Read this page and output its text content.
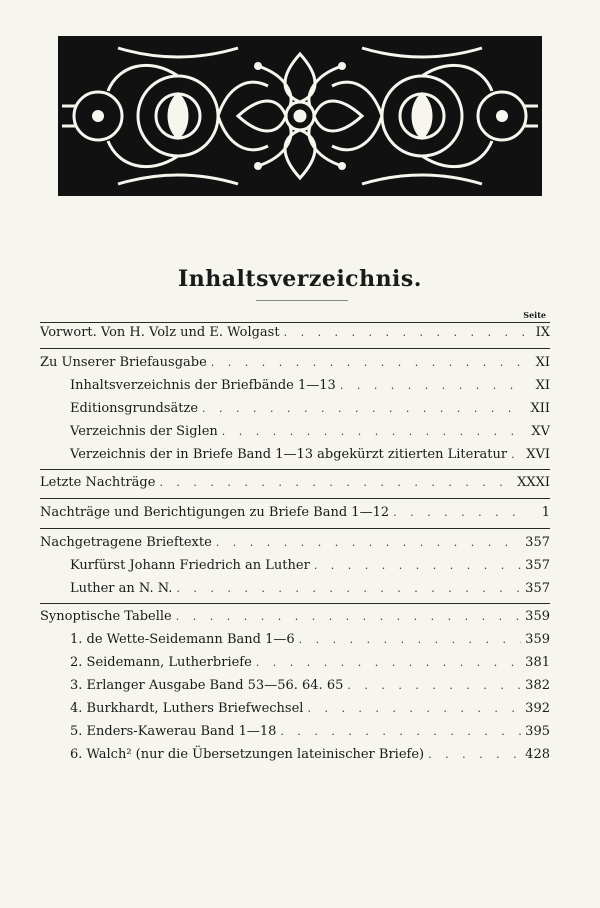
Inhaltsverzeichnis.
Seite
Vorwort. Von H. Volz und E. Wolgast . . .	IX
Zu Unserer Briefausgabe . . .	XI
Inhaltsverzeichnis der Briefbände 1—13 . . .	XI
Editionsgrundsätze . . .	XII
Verzeichnis der Siglen . . .	XV
Verzeichnis der in Briefe Band 1—13 abgekürzt zitierten Literatur . . . XVI
Letzte Nachträge . . .	XXXI
Nachträge und Berichtigungen zu Briefe Band 1—12 . . .	1
Nachgetragene Brieftexte . . .	357
Kurfürst Johann Friedrich an Luther . . .	357
Luther an N. N. . . .	357
Synoptische Tabelle . . .	359
1. de Wette-Seidemann Band 1—6 . . .	359
2. Seidemann, Lutherbriefe . . .	381
3. Erlanger Ausgabe Band 53—56. 64. 65 . . .	382
4. Burkhardt, Luthers Briefwechsel . . .	392
5. Enders-Kawerau Band 1—18 . . .	395
6. Walch² (nur die Übersetzungen lateinischer Briefe) . . .	428
